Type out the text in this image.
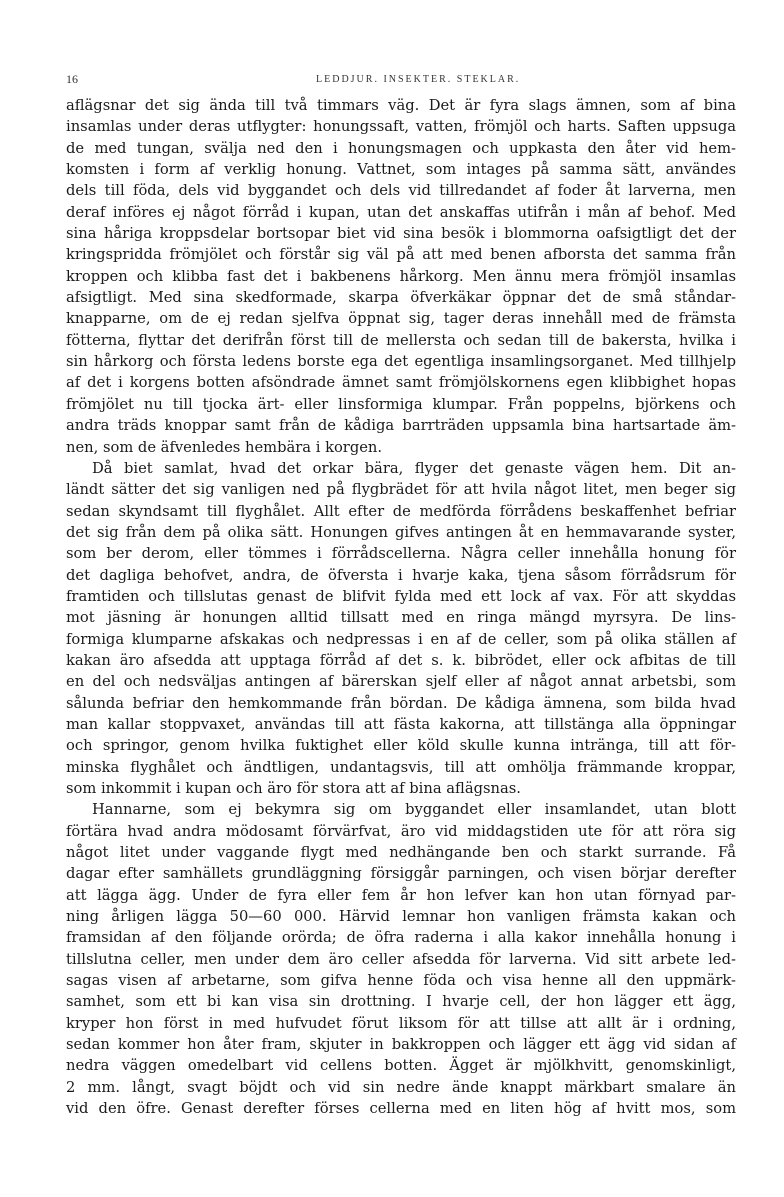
16	LEDDJUR. INSEKTER. STEKLAR.
aflägsnar det sig ända till två timmars väg. Det är fyra slags ämnen, som af bina
insamlas under deras utflygter: honungssaft, vatten, frömjöl och harts. Saften uppsuga
de med tungan, svälja ned den i honungsmagen och uppkasta den åter vid hem-
komsten i form af verklig honung. Vattnet, som intages på samma sätt, användes
dels till föda, dels vid byggandet och dels vid tillredandet af foder åt larverna, men
deraf införes ej något förråd i kupan, utan det anskaffas utifrån i mån af behof. Med
sina håriga kroppsdelar bortsopar biet vid sina besök i blommorna oafsigtligt det der
kringspridda frömjölet och förstår sig väl på att med benen afborsta det samma från
kroppen och klibba fast det i bakbenens hårkorg. Men ännu mera frömjöl insamlas
afsigtligt. Med sina skedformade, skarpa öfverkäkar öppnar det de små ståndar-
knapparne, om de ej redan sjelfva öppnat sig, tager deras innehåll med de främsta
fötterna, flyttar det derifrån först till de mellersta och sedan till de bakersta, hvilka i
sin hårkorg och första ledens borste ega det egentliga insamlingsorganet. Med tillhjelp
af det i korgens botten afsöndrade ämnet samt frömjölskornens egen klibbighet hopas
frömjölet nu till tjocka ärt- eller linsformiga klumpar. Från poppelns, björkens och
andra träds knoppar samt från de kådiga barrträden uppsamla bina hartsartade äm-
nen, som de äfvenledes hembära i korgen.
Då biet samlat, hvad det orkar bära, flyger det genaste vägen hem. Dit an-
ländt sätter det sig vanligen ned på flygbrädet för att hvila något litet, men beger sig
sedan skyndsamt till flyghålet. Allt efter de medförda förrådens beskaffenhet befriar
det sig från dem på olika sätt. Honungen gifves antingen åt en hemmavarande syster,
som ber derom, eller tömmes i förrådscellerna. Några celler innehålla honung för
det dagliga behofvet, andra, de öfversta i hvarje kaka, tjena såsom förrådsrum för
framtiden och tillslutas genast de blifvit fylda med ett lock af vax. För att skyddas
mot jäsning är honungen alltid tillsatt med en ringa mängd myrsyra. De lins-
formiga klumparne afskakas och nedpressas i en af de celler, som på olika ställen af
kakan äro afsedda att upptaga förråd af det s. k. bibrödet, eller ock afbitas de till
en del och nedsväljas antingen af bärerskan sjelf eller af något annat arbetsbi, som
sålunda befriar den hemkommande från bördan. De kådiga ämnena, som bilda hvad
man kallar stoppvaxet, användas till att fästa kakorna, att tillstänga alla öppningar
och springor, genom hvilka fuktighet eller köld skulle kunna inträngа, till att för-
minska flyghålet och ändtligen, undantagsvis, till att omhölja främmande kroppar,
som inkommit i kupan och äro för stora att af bina aflägsnas.
Hannarne, som ej bekymra sig om byggandet eller insamlandet, utan blott
förtära hvad andra mödosamt förvärfvat, äro vid middagstiden ute för att röra sig
något litet under vaggande flygt med nedhängande ben och starkt surrande. Få
dagar efter samhällets grundläggning försiggår parningen, och visen börjar derefter
att lägga ägg. Under de fyra eller fem år hon lefver kan hon utan förnyad par-
ning årligen lägga 50—60 000. Härvid lemnar hon vanligen främsta kakan och
framsidan af den följande orörda; de öfra raderna i alla kakor innehålla honung i
tillslutna celler, men under dem äro celler afsedda för larverna. Vid sitt arbete led-
sagas visen af arbetarne, som gifva henne föda och visa henne all den uppmärk-
samhet, som ett bi kan visa sin drottning. I hvarje cell, der hon lägger ett ägg,
kryper hon först in med hufvudet förut liksom för att tillse att allt är i ordning,
sedan kommer hon åter fram, skjuter in bakkroppen och lägger ett ägg vid sidan af
nedra väggen omedelbart vid cellens botten. Ägget är mjölkhvitt, genomskinligt,
2 mm. långt, svagt böjdt och vid sin nedre ände knappt märkbart smalare än
vid den öfre. Genast derefter förses cellerna med en liten hög af hvitt mos, som
